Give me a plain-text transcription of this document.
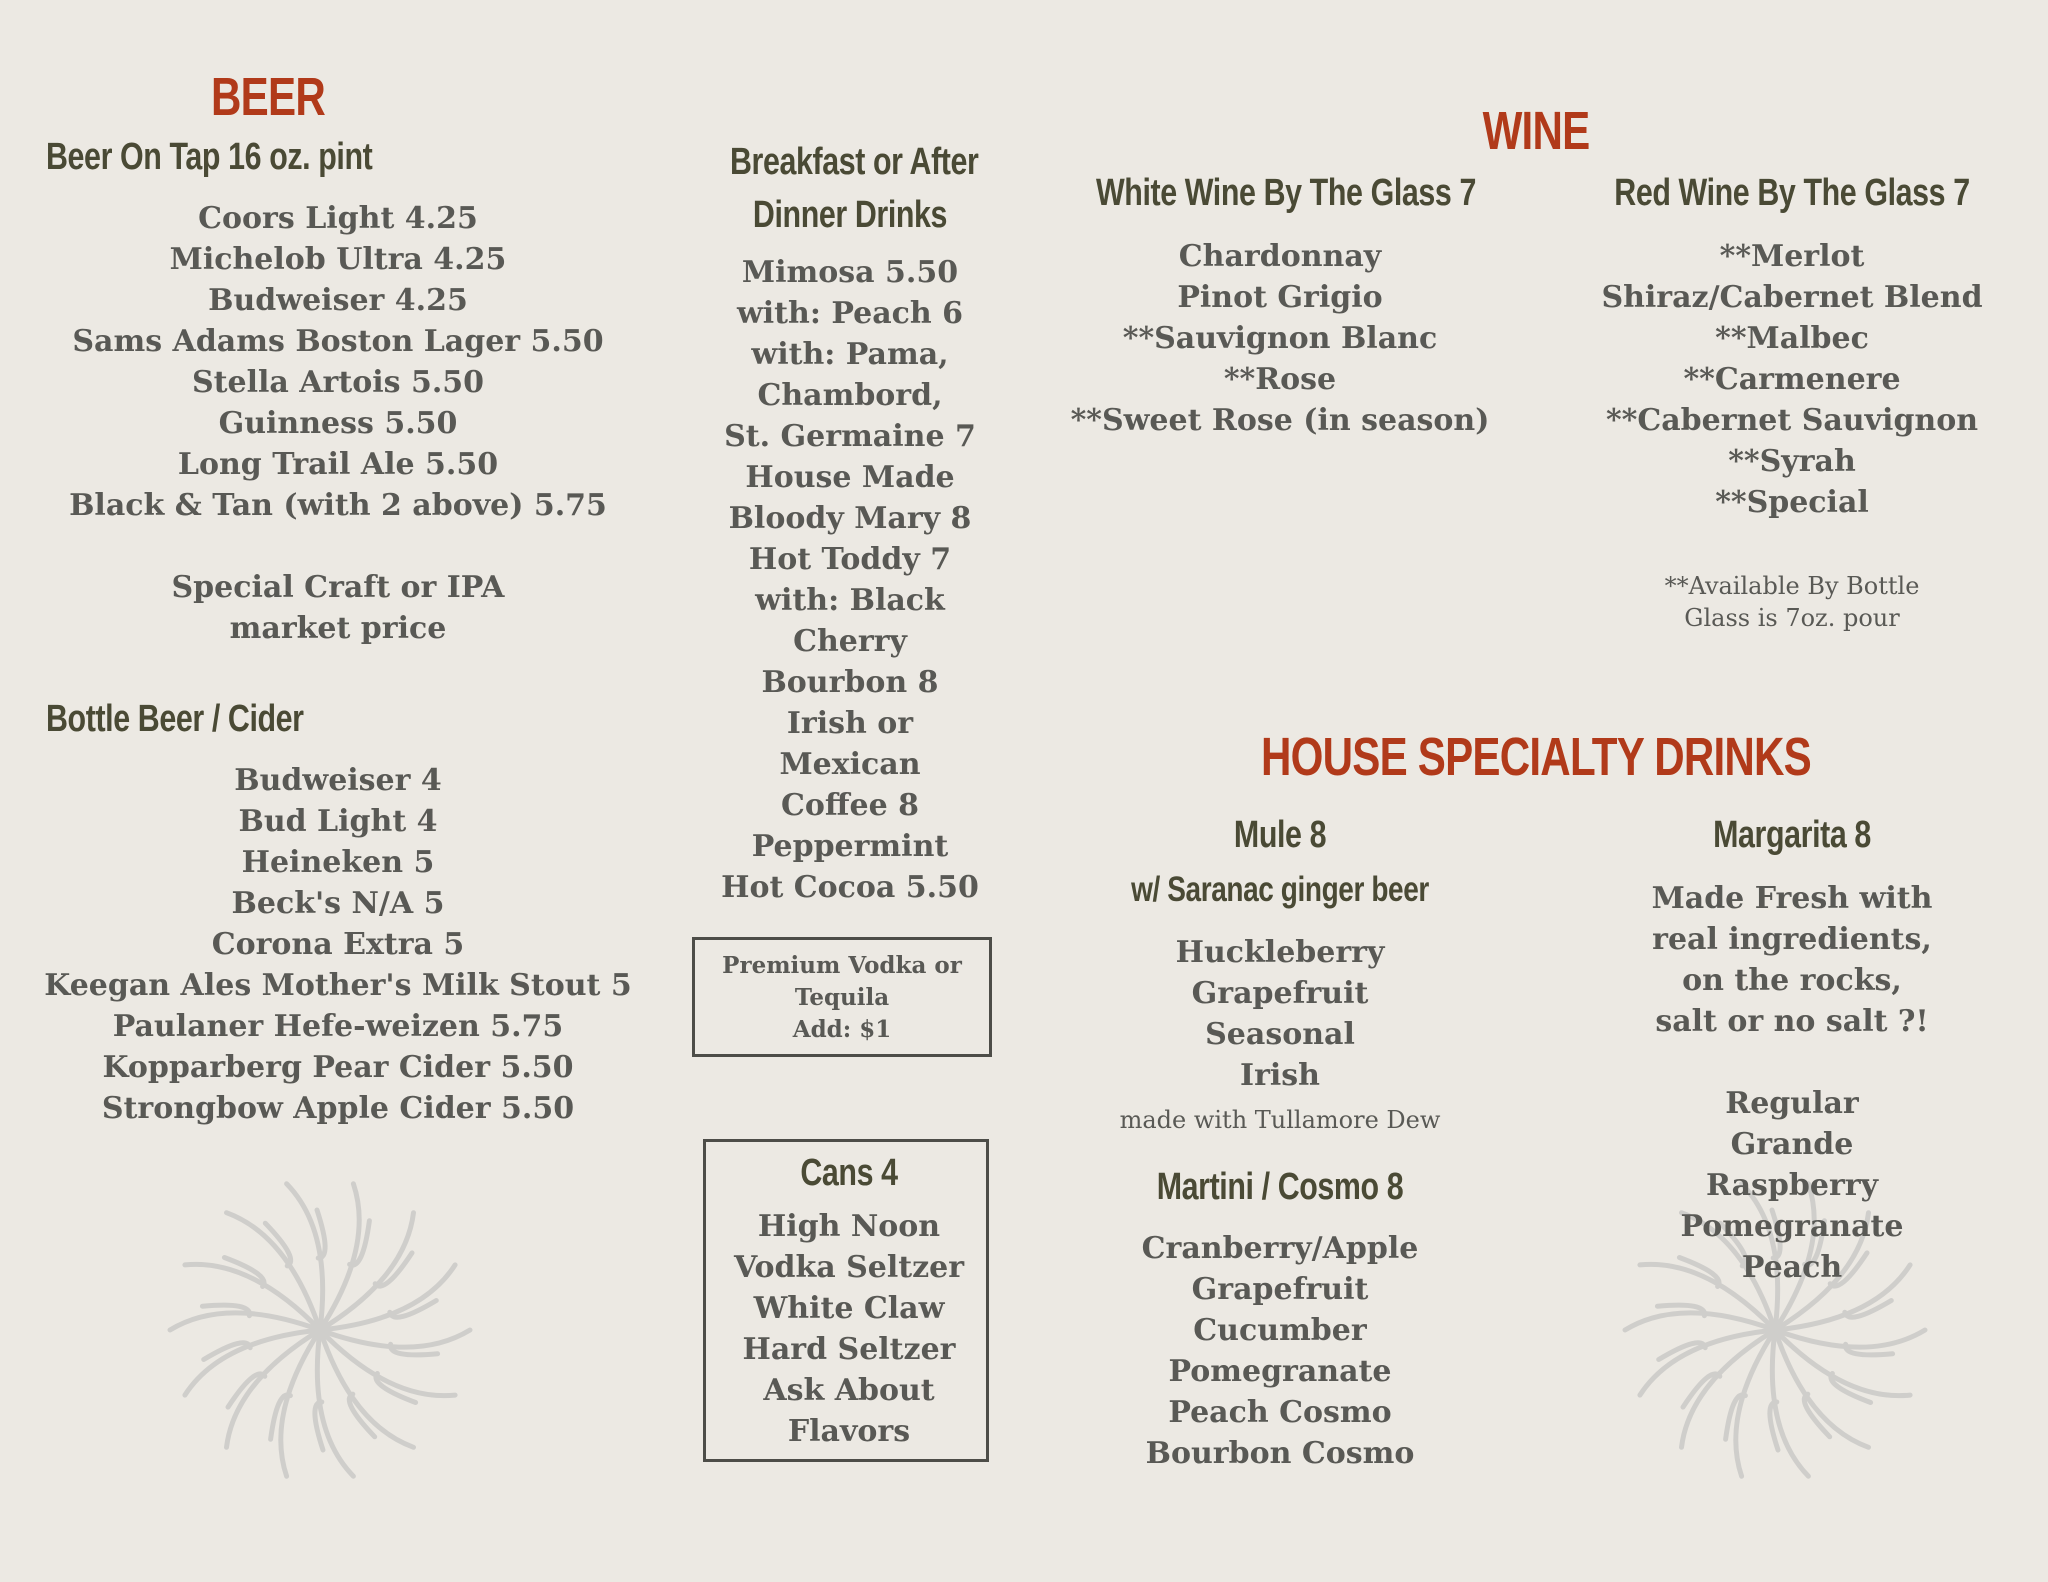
BEER
Beer On Tap 16 oz. pint
Coors Light 4.25
Michelob Ultra 4.25
Budweiser 4.25
Sams Adams Boston Lager 5.50
Stella Artois 5.50
Guinness 5.50
Long Trail Ale 5.50
Black & Tan (with 2 above) 5.75
Special Craft or IPA
market price
Bottle Beer / Cider
Budweiser 4
Bud Light 4
Heineken 5
Beck's N/A 5
Corona Extra 5
Keegan Ales Mother's Milk Stout 5
Paulaner Hefe-weizen 5.75
Kopparberg Pear Cider 5.50
Strongbow Apple Cider 5.50
Breakfast or After
Dinner Drinks
Mimosa 5.50
with: Peach 6
with: Pama,
Chambord,
St. Germaine 7
House Made
Bloody Mary 8
Hot Toddy 7
with: Black
Cherry
Bourbon 8
Irish or
Mexican
Coffee 8
Peppermint
Hot Cocoa 5.50
Premium Vodka or
Tequila
Add: $1
Cans 4
High Noon
Vodka Seltzer
White Claw
Hard Seltzer
Ask About
Flavors
WINE
White Wine By The Glass 7
Chardonnay
Pinot Grigio
**Sauvignon Blanc
**Rose
**Sweet Rose (in season)
Red Wine By The Glass 7
**Merlot
Shiraz/Cabernet Blend
**Malbec
**Carmenere
**Cabernet Sauvignon
**Syrah
**Special
**Available By Bottle
Glass is 7oz. pour
HOUSE SPECIALTY DRINKS
Mule 8
w/ Saranac ginger beer
Huckleberry
Grapefruit
Seasonal
Irish
made with Tullamore Dew
Martini / Cosmo 8
Cranberry/Apple
Grapefruit
Cucumber
Pomegranate
Peach Cosmo
Bourbon Cosmo
Margarita 8
Made Fresh with
real ingredients,
on the rocks,
salt or no salt ?!
Regular
Grande
Raspberry
Pomegranate
Peach
